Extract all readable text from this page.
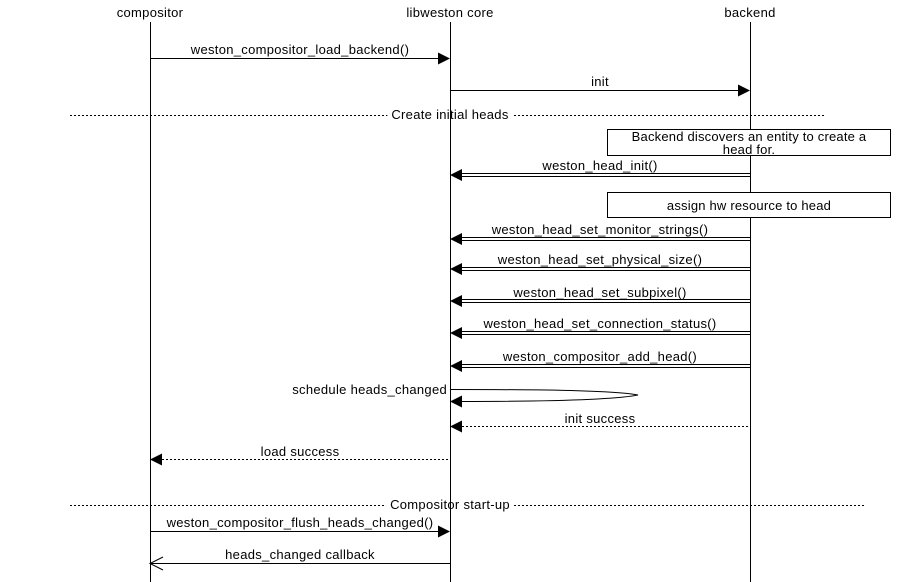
Backend discovers an entity to create a
head for.
assign hw resource to head
compositor	libweston core	backend
weston_compositor_load_backend()
init
weston_head_init()
weston_head_set_monitor_strings()
weston_head_set_physical_size()
weston_head_set_subpixel()
weston_head_set_connection_status()
weston_compositor_add_head()
schedule heads_changed
init success
load success
weston_compositor_flush_heads_changed()
heads_changed callback
Create initial heads
Compositor start-up
